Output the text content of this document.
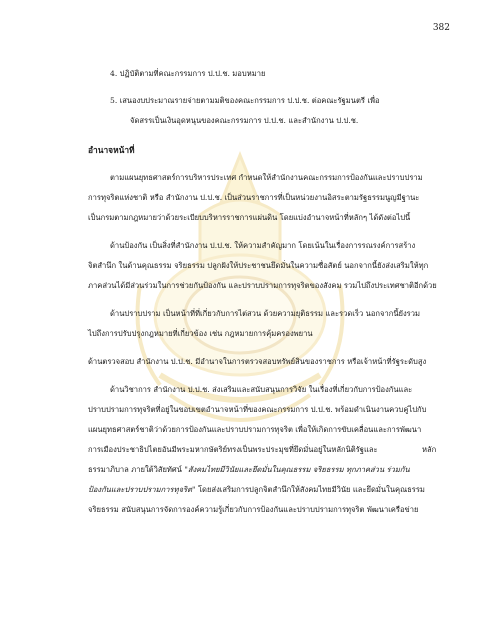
382
4. ปฏิบัติตามที่คณะกรรมการ ป.ป.ช. มอบหมาย
5. เสนองบประมาณรายจ่ายตามมติของคณะกรรมการ ป.ป.ช. ต่อคณะรัฐมนตรี เพื่อ
จัดสรรเป็นเงินอุดหนุนของคณะกรรมการ ป.ป.ช. และสำนักงาน ป.ป.ช.
อำนาจหน้าที่
ตามแผนยุทธศาสตร์การบริหารประเทศ กำหนดให้สำนักงานคณะกรรมการป้องกันและปราบปราม
การทุจริตแห่งชาติ หรือ สำนักงาน ป.ป.ช. เป็นส่วนราชการที่เป็นหน่วยงานอิสระตามรัฐธรรมนูญมีฐานะ
เป็นกรมตามกฎหมายว่าด้วยระเบียบบริหารราชการแผ่นดิน โดยแบ่งอำนาจหน้าที่หลักๆ ได้ดังต่อไปนี้
ด้านป้องกัน เป็นสิ่งที่สำนักงาน ป.ป.ช. ให้ความสำคัญมาก โดยเน้นในเรื่องการรณรงค์การสร้าง
จิตสำนึก ในด้านคุณธรรม จริยธรรม ปลูกฝังให้ประชาชนยึดมั่นในความซื่อสัตย์ นอกจากนี้ยังส่งเสริมให้ทุก
ภาคส่วนได้มีส่วนร่วมในการช่วยกันป้องกัน และปราบปรามการทุจริตของสังคม รวมไปถึงประเทศชาติอีกด้วย
ด้านปราบปราม เป็นหน้าที่ที่เกี่ยวกับการไต่สวน ด้วยความยุติธรรม และรวดเร็ว นอกจากนี้ยังรวม
ไปถึงการปรับปรุงกฎหมายที่เกี่ยวข้อง เช่น กฎหมายการคุ้มครองพยาน
ด้านตรวจสอบ สำนักงาน ป.ป.ช. มีอำนาจในการตรวจสอบทรัพย์สินของราชการ หรือเจ้าหน้าที่รัฐระดับสูง
ด้านวิชาการ สำนักงาน ป.ป.ช. ส่งเสริมและสนับสนุนการวิจัย ในเรื่องที่เกี่ยวกับการป้องกันและ
ปราบปรามการทุจริตที่อยู่ในขอบเขตอำนาจหน้าที่ของคณะกรรมการ ป.ป.ช. พร้อมดำเนินงานควบคู่ไปกับ
แผนยุทธศาสตร์ชาติว่าด้วยการป้องกันและปราบปรามการทุจริต เพื่อให้เกิดการขับเคลื่อนและการพัฒนา
การเมืองประชาธิปไตยอันมีพระมหากษัตริย์ทรงเป็นพระประมุขที่ยึดมั่นอยู่ในหลักนิติรัฐและ	หลัก
ธรรมาภิบาล ภายใต้วิสัยทัศน์ "สังคมไทยมีวินัยและยึดมั่นในคุณธรรม จริยธรรม ทุกภาคส่วน ร่วมกัน
ป้องกันและปราบปรามการทุจริต" โดยส่งเสริมการปลูกจิตสำนึกให้สังคมไทยมีวินัย และยึดมั่นในคุณธรรม
จริยธรรม สนับสนุนการจัดการองค์ความรู้เกี่ยวกับการป้องกันและปราบปรามการทุจริต พัฒนาเครือข่าย
